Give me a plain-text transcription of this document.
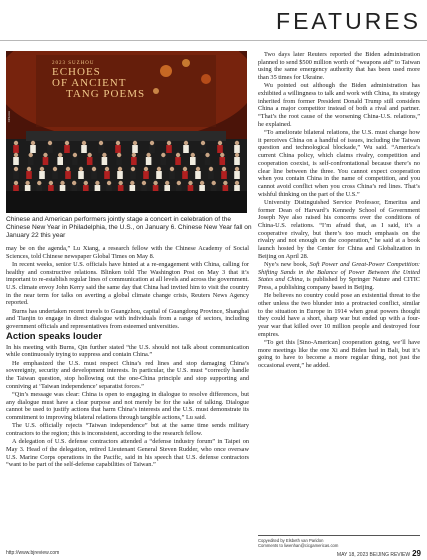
FEATURES
XINHUA
2023 SUZHOU
ECHOES
OF ANCIENT
TANG POEMS
Chinese and American performers jointly stage a concert in celebration of the Chinese New Year in Philadelphia, the U.S., on January 6. Chinese New Year fall on January 22 this year

may be on the agenda,” Lu Xiang, a research fellow with the Chinese Academy of Social Sciences, told Chinese newspaper Global Times on May 8.

In recent weeks, senior U.S. officials have hinted at a re-engagement with China, calling for healthy and constructive relations. Blinken told The Washington Post on May 3 that it’s important to re-establish regular lines of communication at all levels and across the government. U.S. climate envoy John Kerry said the same day that China had invited him to visit the country in the near term for talks on averting a global climate change crisis, Reuters News Agency reported.

Burns has undertaken recent travels to Guangzhou, capital of Guangdong Province, Shanghai and Tianjin to engage in direct dialogue with individuals from a range of sectors, including government officials and representatives from esteemed universities.

Action speaks louder

In his meeting with Burns, Qin further stated “the U.S. should not talk about communication while continuously trying to suppress and contain China.”

He emphasized the U.S. must respect China’s red lines and stop damaging China’s sovereignty, security and development interests. In particular, the U.S. must “correctly handle the Taiwan question, stop hollowing out the one-China principle and stop supporting and conniving at ‘Taiwan independence’ separatist forces.”

“Qin’s message was clear: China is open to engaging in dialogue to resolve differences, but any dialogue must have a clear purpose and not merely be for the sake of talking. Dialogue cannot be used to justify actions that harm China’s interests and the U.S. must demonstrate its commitment to improving bilateral relations through tangible actions,” Lu said.

The U.S. officially rejects “Taiwan independence” but at the same time sends military contractors to the region; this is inconsistent, according to the research fellow.

A delegation of U.S. defense contractors attended a “defense industry forum” in Taipei on May 3. Head of the delegation, retired Lieutenant General Steven Rudder, who once oversaw U.S. Marine Corps operations in the Pacific, said in his speech that U.S. defense contractors “want to be part of the self-defense capabilities of Taiwan.”

Two days later Reuters reported the Biden administration planned to send $500 million worth of “weapons aid” to Taiwan using the same emergency authority that has been used more than 35 times for Ukraine.

Wu pointed out although the Biden administration has exhibited a willingness to talk and work with China, its strategy inherited from former President Donald Trump still considers China a major competitor instead of both a rival and partner. “That’s the root cause of the worsening China-U.S. relations,” he explained.

“To ameliorate bilateral relations, the U.S. must change how it perceives China on a handful of issues, including the Taiwan question and technological blockade,” Wu said. “America’s current China policy, which claims rivalry, competition and cooperation coexist, is self-confrontational because there’s no clear line between the three. You cannot expect cooperation when you contain China in the name of competition, and you cannot avoid conflict when you cross China’s red lines. That’s wishful thinking on the part of the U.S.”

University Distinguished Service Professor, Emeritus and former Dean of Harvard’s Kennedy School of Government Joseph Nye also raised his concerns over the conditions of China-U.S. relations. “I’m afraid that, as I said, it’s a cooperative rivalry, but there’s too much emphasis on the rivalry and not enough on the cooperation,” he said at a book launch hosted by the Center for China and Globalization in Beijing on April 28.

Nye’s new book, Soft Power and Great-Power Competition: Shifting Sands in the Balance of Power Between the United States and China, is published by Springer Nature and CITIC Press, a publishing company based in Beijing.

He believes no country could pose an existential threat to the other unless the two blunder into a protracted conflict, similar to the situation in Europe in 1914 when great powers thought they could have a short, sharp war but ended up with a four-year war that killed over 10 million people and destroyed four empires.

“To get this [Sino-American] cooperation going, we’ll have more meetings like the one Xi and Biden had in Bali, but it’s going to have to become a more regular thing, not just the occasional event,” he added.

Copyedited by Elsbeth van Paridon
Comments to liwenhan@cicgamericas.com
http://www.bjreview.com	MAY 18, 2023 BEIJING REVIEW 29
